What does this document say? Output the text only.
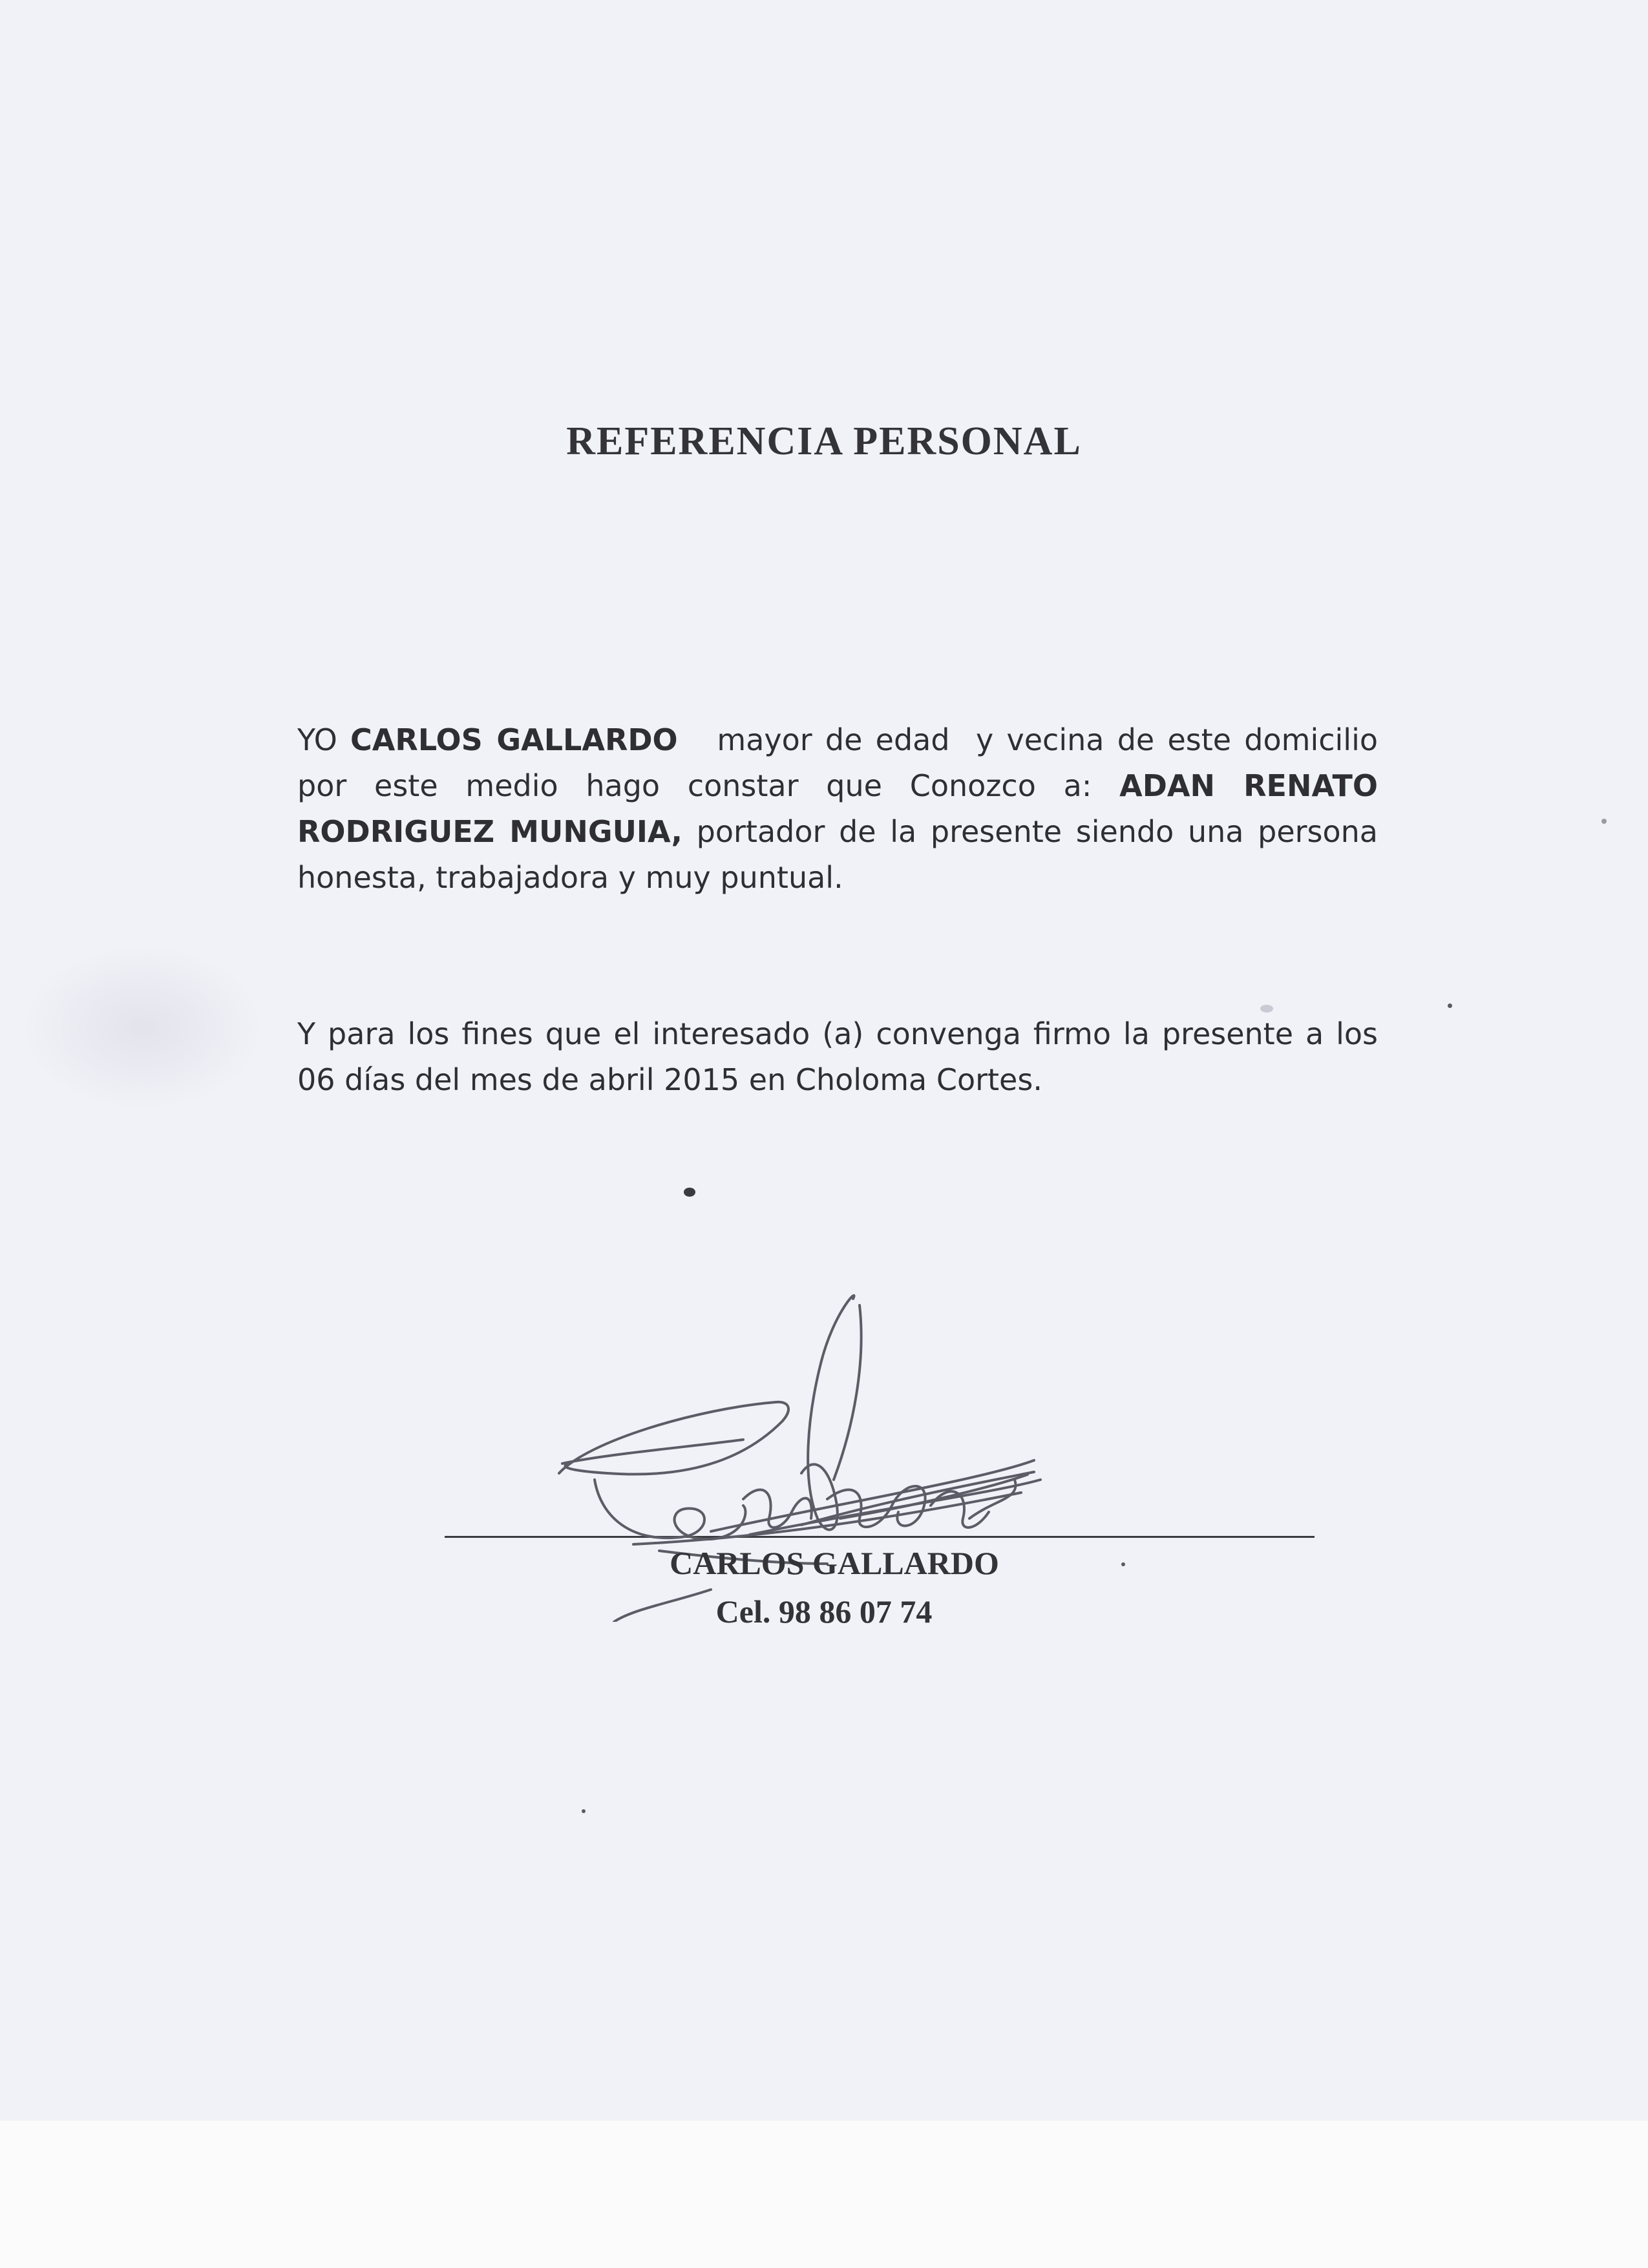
REFERENCIA PERSONAL
YO CARLOS GALLARDO   mayor de edad  y vecina de este domicilio
por este medio hago constar que Conozco a: ADAN RENATO
RODRIGUEZ MUNGUIA, portador de la presente siendo una persona
honesta, trabajadora y muy puntual.
Y para los fines que el interesado (a) convenga firmo la presente a los
06 días del mes de abril 2015 en Choloma Cortes.
CARLOS GALLARDO
Cel. 98 86 07 74
